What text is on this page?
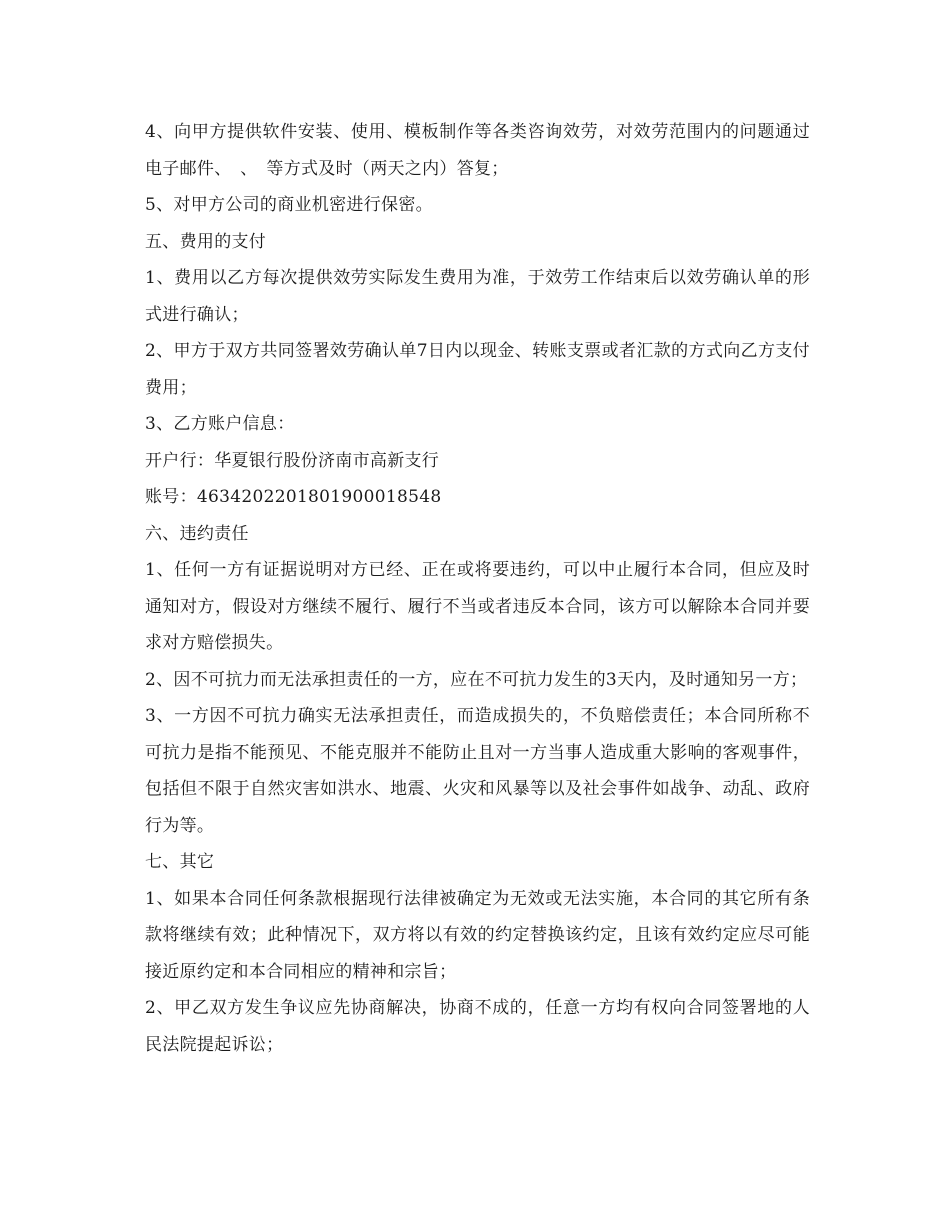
4、向甲方提供软件安装、使用、模板制作等各类咨询效劳，对效劳范围内的问题通过电子邮件、　、　等方式及时（两天之内）答复；

5、对甲方公司的商业机密进行保密。

五、费用的支付

1、费用以乙方每次提供效劳实际发生费用为准，于效劳工作结束后以效劳确认单的形式进行确认；

2、甲方于双方共同签署效劳确认单7日内以现金、转账支票或者汇款的方式向乙方支付费用；

3、乙方账户信息：

开户行：华夏银行股份济南市高新支行

账号：463420220180190001854​8

六、违约责任

1、任何一方有证据说明对方已经、正在或将要违约，可以中止履行本合同，但应及时通知对方，假设对方继续不履行、履行不当或者违反本合同，该方可以解除本合同并要求对方赔偿损失。

2、因不可抗力而无法承担责任的一方，应在不可抗力发生的3天内，及时通知另一方；

3、一方因不可抗力确实无法承担责任，而造成损失的，不负赔偿责任；本合同所称不可抗力是指不能预见、不能克服并不能防止且对一方当事人造成重大影响的客观事件，包括但不限于自然灾害如洪水、地震、火灾和风暴等以及社会事件如战争、动乱、政府行为等。

七、其它

1、如果本合同任何条款根据现行法律被确定为无效或无法实施，本合同的其它所有条款将继续有效；此种情况下，双方将以有效的约定替换该约定，且该有效约定应尽可能接近原约定和本合同相应的精神和宗旨；

2、甲乙双方发生争议应先协商解决，协商不成的，任意一方均有权向合同签署地的人民法院提起诉讼；
